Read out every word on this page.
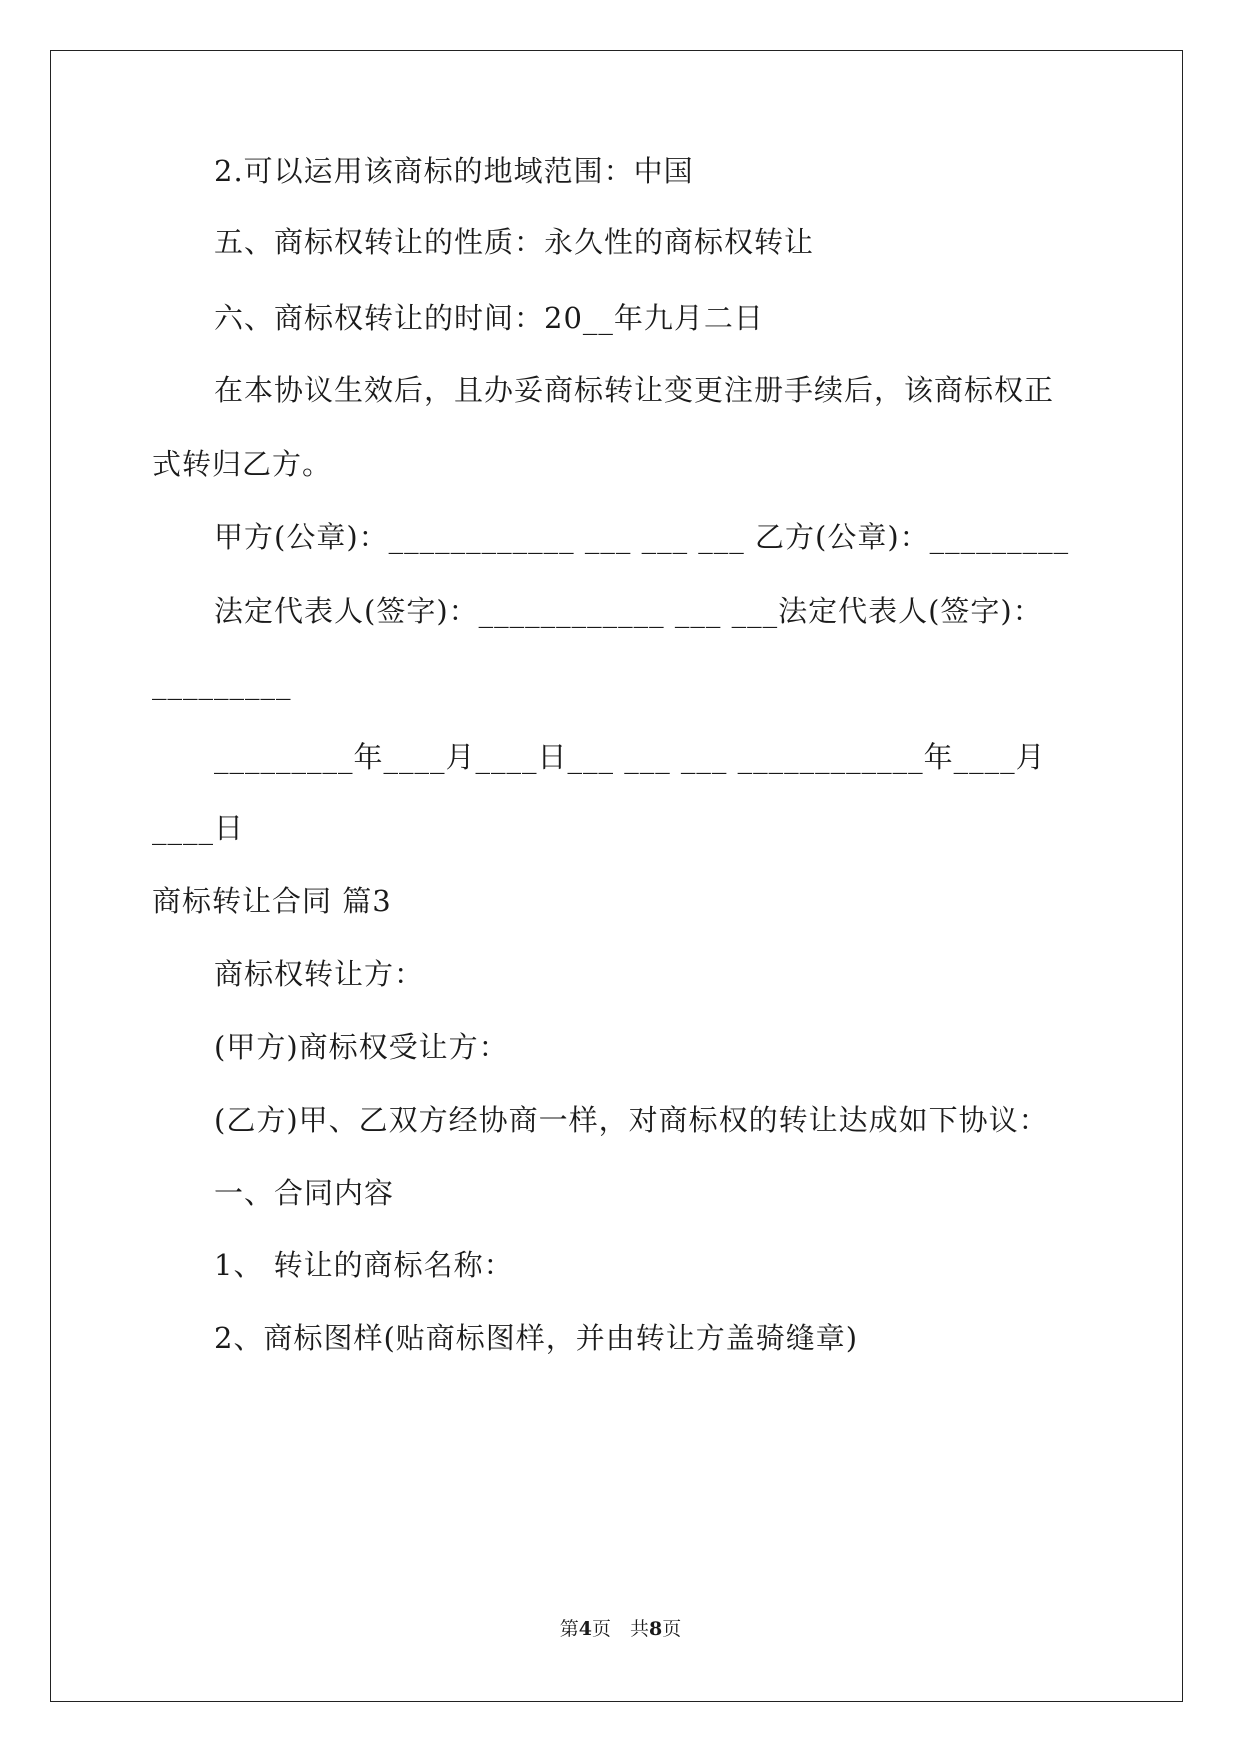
2.可以运用该商标的地域范围：中国
五、商标权转让的性质：永久性的商标权转让
六、商标权转让的时间：20__年九月二日
在本协议生效后，且办妥商标转让变更注册手续后，该商标权正
式转归乙方。
甲方(公章)：____________ ___ ___ ___ 乙方(公章)：_________
法定代表人(签字)：____________ ___ ___法定代表人(签字)：
_________
_________年____月____日___ ___ ___ ____________年____月
____日
商标转让合同 篇3
商标权转让方：
(甲方)商标权受让方：
(乙方)甲、乙双方经协商一样，对商标权的转让达成如下协议：
一、合同内容
1、 转让的商标名称：
2、商标图样(贴商标图样，并由转让方盖骑缝章)
第4页　共8页
